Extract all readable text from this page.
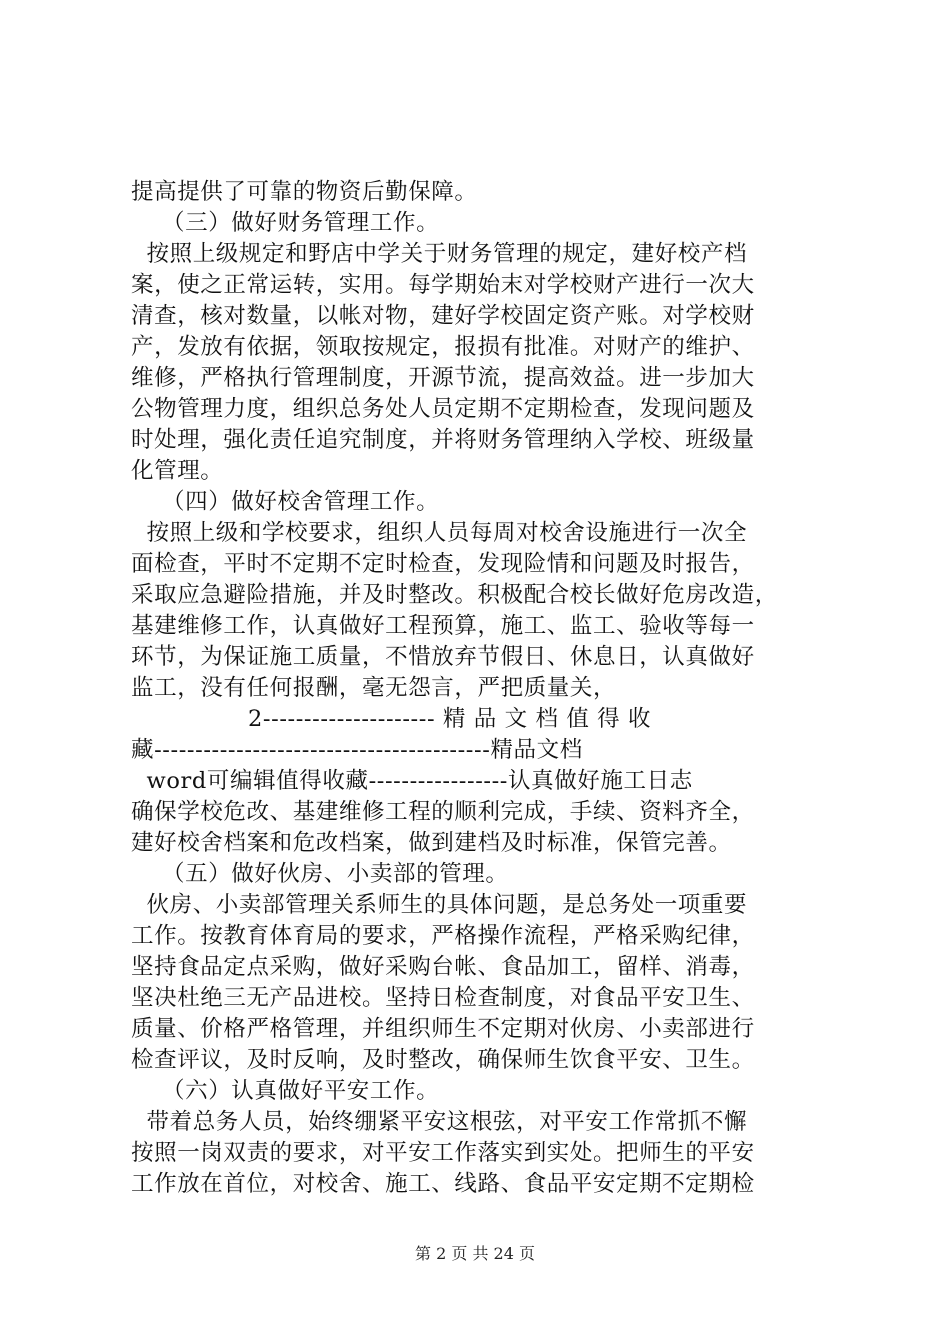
提高提供了可靠的物资后勤保障。
（三）做好财务管理工作。
按照上级规定和野店中学关于财务管理的规定，建好校产档
案，使之正常运转，实用。每学期始末对学校财产进行一次大
清查，核对数量，以帐对物，建好学校固定资产账。对学校财
产，发放有依据，领取按规定，报损有批准。对财产的维护、
维修，严格执行管理制度，开源节流，提高效益。进一步加大
公物管理力度，组织总务处人员定期不定期检查，发现问题及
时处理，强化责任追究制度，并将财务管理纳入学校、班级量
化管理。
（四）做好校舍管理工作。
按照上级和学校要求，组织人员每周对校舍设施进行一次全
面检查，平时不定期不定时检查，发现险情和问题及时报告，
采取应急避险措施，并及时整改。积极配合校长做好危房改造，
基建维修工作，认真做好工程预算，施工、监工、验收等每一
环节，为保证施工质量，不惜放弃节假日、休息日，认真做好
监工，没有任何报酬，毫无怨言，严把质量关，
2--------------------- 精 品 文 档 值 得 收
藏-----------------------------------------精品文档
word可编辑值得收藏-----------------认真做好施工日志
确保学校危改、基建维修工程的顺利完成，手续、资料齐全，
建好校舍档案和危改档案，做到建档及时标准，保管完善。
（五）做好伙房、小卖部的管理。
伙房、小卖部管理关系师生的具体问题，是总务处一项重要
工作。按教育体育局的要求，严格操作流程，严格采购纪律，
坚持食品定点采购，做好采购台帐、食品加工，留样、消毒，
坚决杜绝三无产品进校。坚持日检查制度，对食品平安卫生、
质量、价格严格管理，并组织师生不定期对伙房、小卖部进行
检查评议，及时反响，及时整改，确保师生饮食平安、卫生。
（六）认真做好平安工作。
带着总务人员，始终绷紧平安这根弦，对平安工作常抓不懈
按照一岗双责的要求，对平安工作落实到实处。把师生的平安
工作放在首位，对校舍、施工、线路、食品平安定期不定期检
第 2 页 共 24 页
